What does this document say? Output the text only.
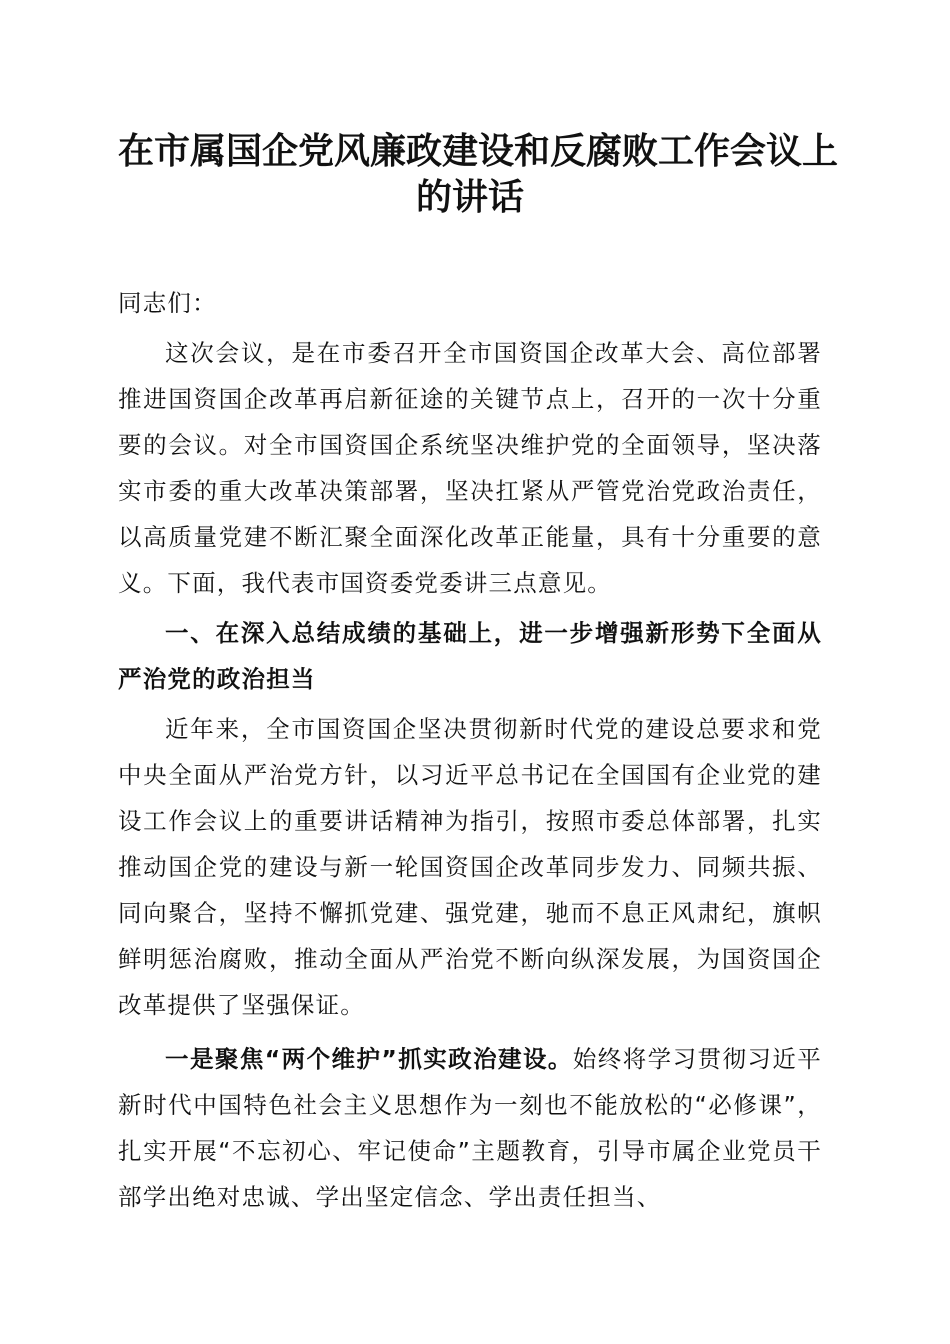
在市属国企党风廉政建设和反腐败工作会议上
的讲话

同志们：

这次会议，是在市委召开全市国资国企改革大会、高位部署推进国资国企改革再启新征途的关键节点上，召开的一次十分重要的会议。对全市国资国企系统坚决维护党的全面领导，坚决落实市委的重大改革决策部署，坚决扛紧从严管党治党政治责任，以高质量党建不断汇聚全面深化改革正能量，具有十分重要的意义。下面，我代表市国资委党委讲三点意见。

一、在深入总结成绩的基础上，进一步增强新形势下全面从严治党的政治担当

近年来，全市国资国企坚决贯彻新时代党的建设总要求和党中央全面从严治党方针，以习近平总书记在全国国有企业党的建设工作会议上的重要讲话精神为指引，按照市委总体部署，扎实推动国企党的建设与新一轮国资国企改革同步发力、同频共振、同向聚合，坚持不懈抓党建、强党建，驰而不息正风肃纪，旗帜鲜明惩治腐败，推动全面从严治党不断向纵深发展，为国资国企改革提供了坚强保证。

一是聚焦“两个维护”抓实政治建设。始终将学习贯彻习近平新时代中国特色社会主义思想作为一刻也不能放松的“必修课”，扎实开展“不忘初心、牢记使命”主题教育，引导市属企业党员干部学出绝对忠诚、学出坚定信念、学出责任担当、
